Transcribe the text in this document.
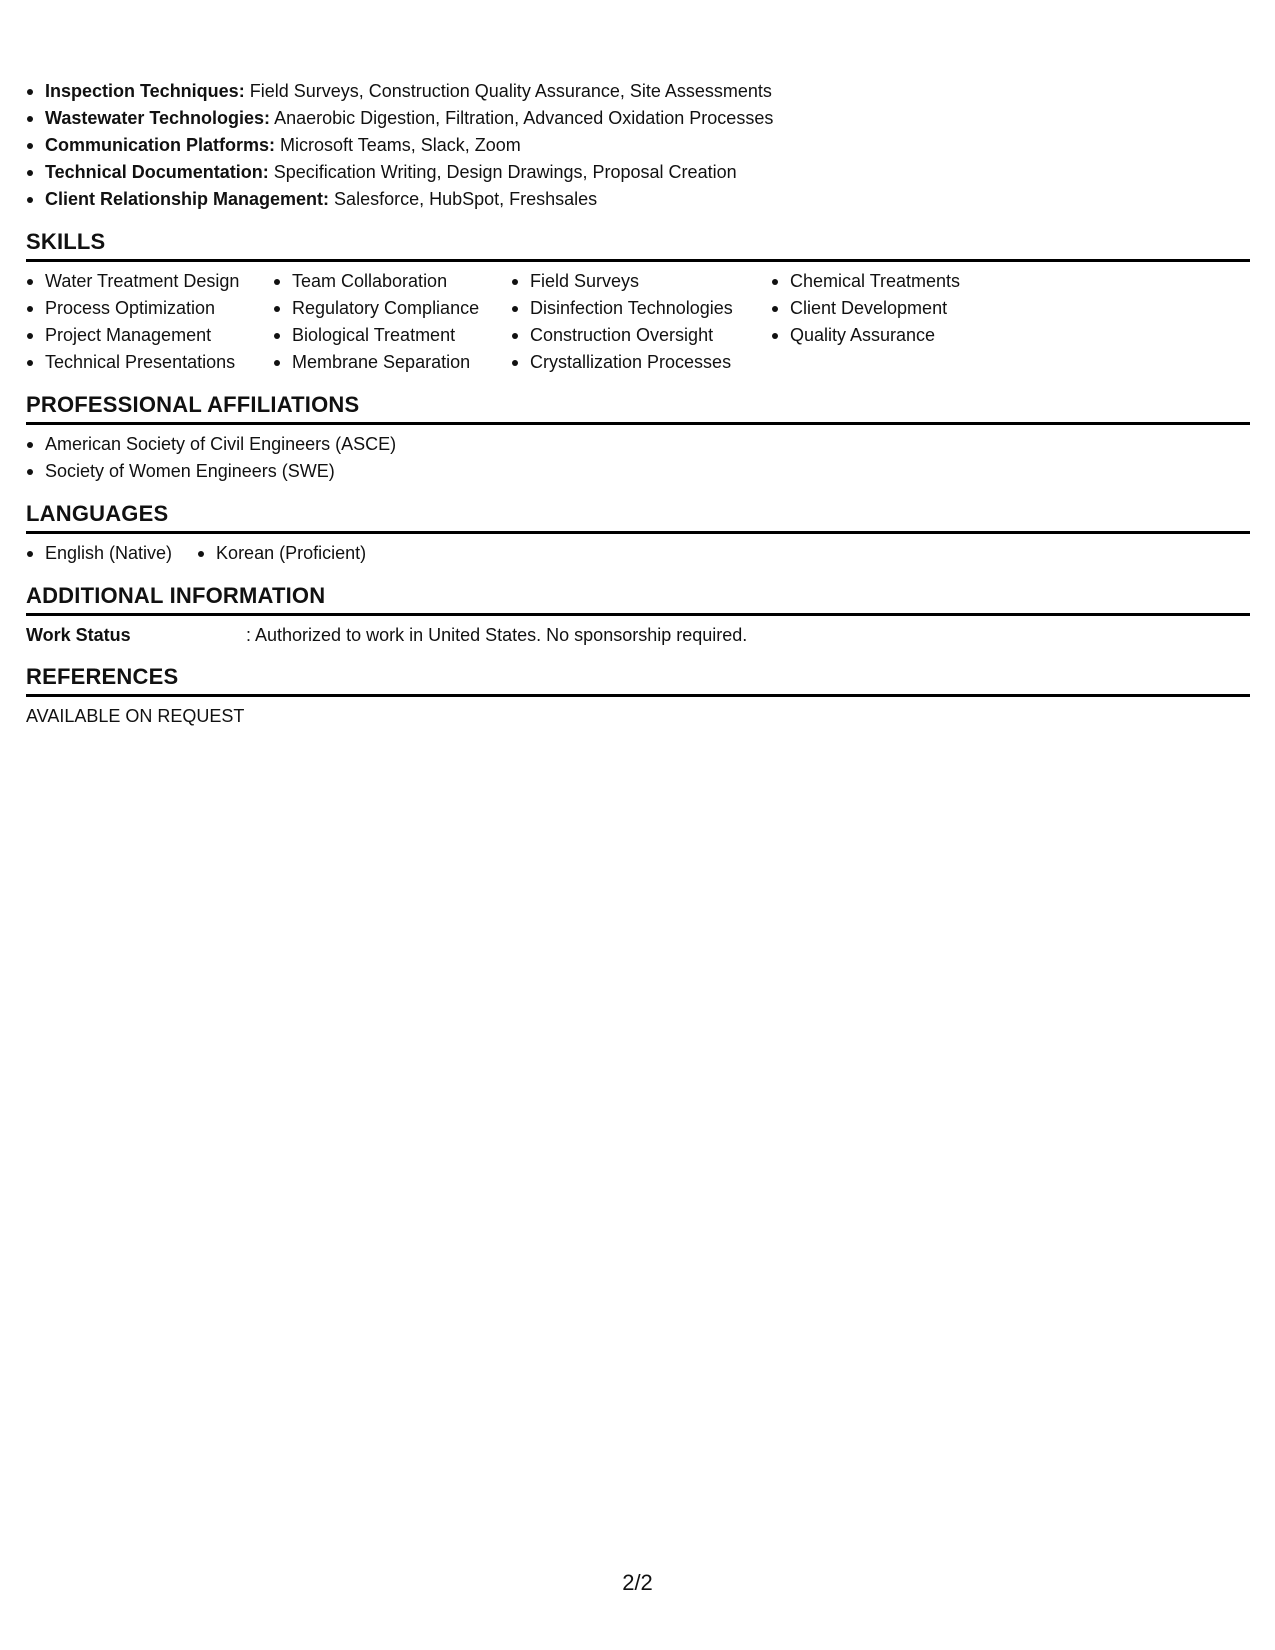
Inspection Techniques: Field Surveys, Construction Quality Assurance, Site Assessments
Wastewater Technologies: Anaerobic Digestion, Filtration, Advanced Oxidation Processes
Communication Platforms: Microsoft Teams, Slack, Zoom
Technical Documentation: Specification Writing, Design Drawings, Proposal Creation
Client Relationship Management: Salesforce, HubSpot, Freshsales
SKILLS
Water Treatment Design
Process Optimization
Project Management
Technical Presentations
Team Collaboration
Regulatory Compliance
Biological Treatment
Membrane Separation
Field Surveys
Disinfection Technologies
Construction Oversight
Crystallization Processes
Chemical Treatments
Client Development
Quality Assurance
PROFESSIONAL AFFILIATIONS
American Society of Civil Engineers (ASCE)
Society of Women Engineers (SWE)
LANGUAGES
English (Native)	Korean (Proficient)
ADDITIONAL INFORMATION
Work Status	: Authorized to work in United States. No sponsorship required.
REFERENCES
AVAILABLE ON REQUEST
2/2
